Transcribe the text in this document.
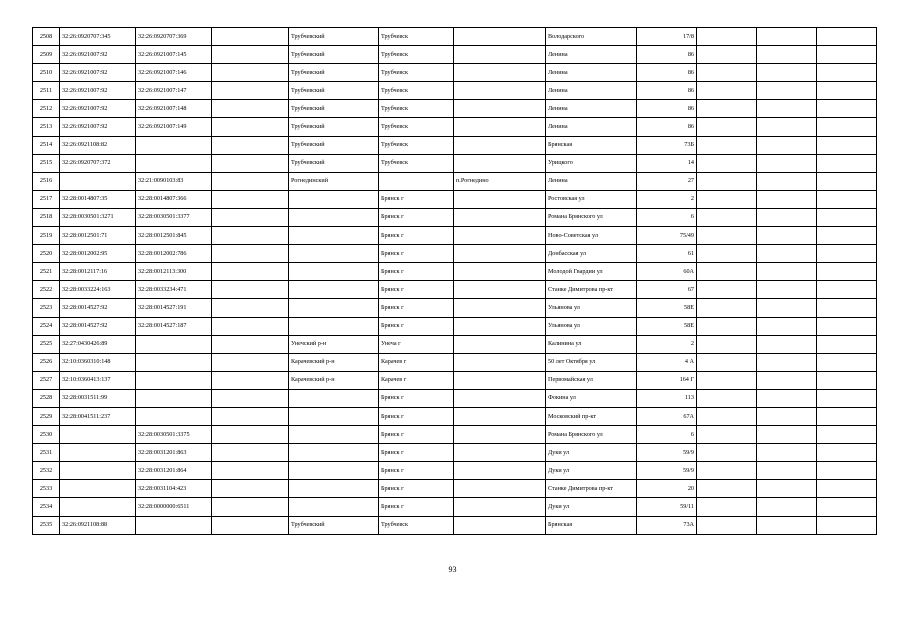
2508	32:26:0920707:345	32:26:0920707:369		Трубчевский	Трубчевск		Володарского	17/8			
2509	32:26:0921007:92	32:26:0921007:145		Трубчевский	Трубчевск		Ленина	86			
2510	32:26:0921007:92	32:26:0921007:146		Трубчевский	Трубчевск		Ленина	86			
2511	32:26:0921007:92	32:26:0921007:147		Трубчевский	Трубчевск		Ленина	86			
2512	32:26:0921007:92	32:26:0921007:148		Трубчевский	Трубчевск		Ленина	86			
2513	32:26:0921007:92	32:26:0921007:149		Трубчевский	Трубчевск		Ленина	86			
2514	32:26:0921108:82			Трубчевский	Трубчевск		Брянская	73Б			
2515	32:26:0920707:372			Трубчевский	Трубчевск		Урицкого	14			
2516		32:21:0090103:83		Рогнединский		п.Рогнедино	Ленина	27			
2517	32:28:0014807:35	32:28:0014807:366			Брянск г		Ростовская ул	2			
2518	32:28:0030501:3271	32:28:0030501:3377			Брянск г		Романа Брянского ул	6			
2519	32:28:0012501:71	32:28:0012501:845			Брянск г		Ново-Советская ул	75/49			
2520	32:28:0012002:95	32:28:0012002:786			Брянск г		Донбасская ул	61			
2521	32:28:0012117:16	32:28:0012113:300			Брянск г		Молодой Гвардии ул	60А			
2522	32:28:0033224:163	32:28:0033234:471			Брянск г		Станке Димитрова пр-кт	67			
2523	32:28:0014527:92	32:28:0014527:191			Брянск г		Ульянова ул	58Е			
2524	32:28:0014527:92	32:28:0014527:187			Брянск г		Ульянова ул	58Е			
2525	32:27:0430426:89			Унечский р-н	Унеча г		Калинина ул	2			
2526	32:10:0360310:148			Карачевский р-н	Карачев г		50 лет Октября ул	4 А			
2527	32:10:0360413:137			Карачевский р-н	Карачев г		Первомайская ул	164 Г			
2528	32:28:0031511:99				Брянск г		Фокина ул	113			
2529	32:28:0041511:237				Брянск г		Московский пр-кт	67А			
2530		32:28:0030501:3375			Брянск г		Романа Брянского ул	6			
2531		32:28:0031201:863			Брянск г		Дуки ул	59/9			
2532		32:28:0031201:864			Брянск г		Дуки ул	59/9			
2533		32:28:0031104:423			Брянск г		Станке Димитрова пр-кт	20			
2534		32:28:0000000:6511			Брянск г		Дуки ул	59/11			
2535	32:26:0921108:88			Трубчевский	Трубчевск		Брянская	73А			
93
